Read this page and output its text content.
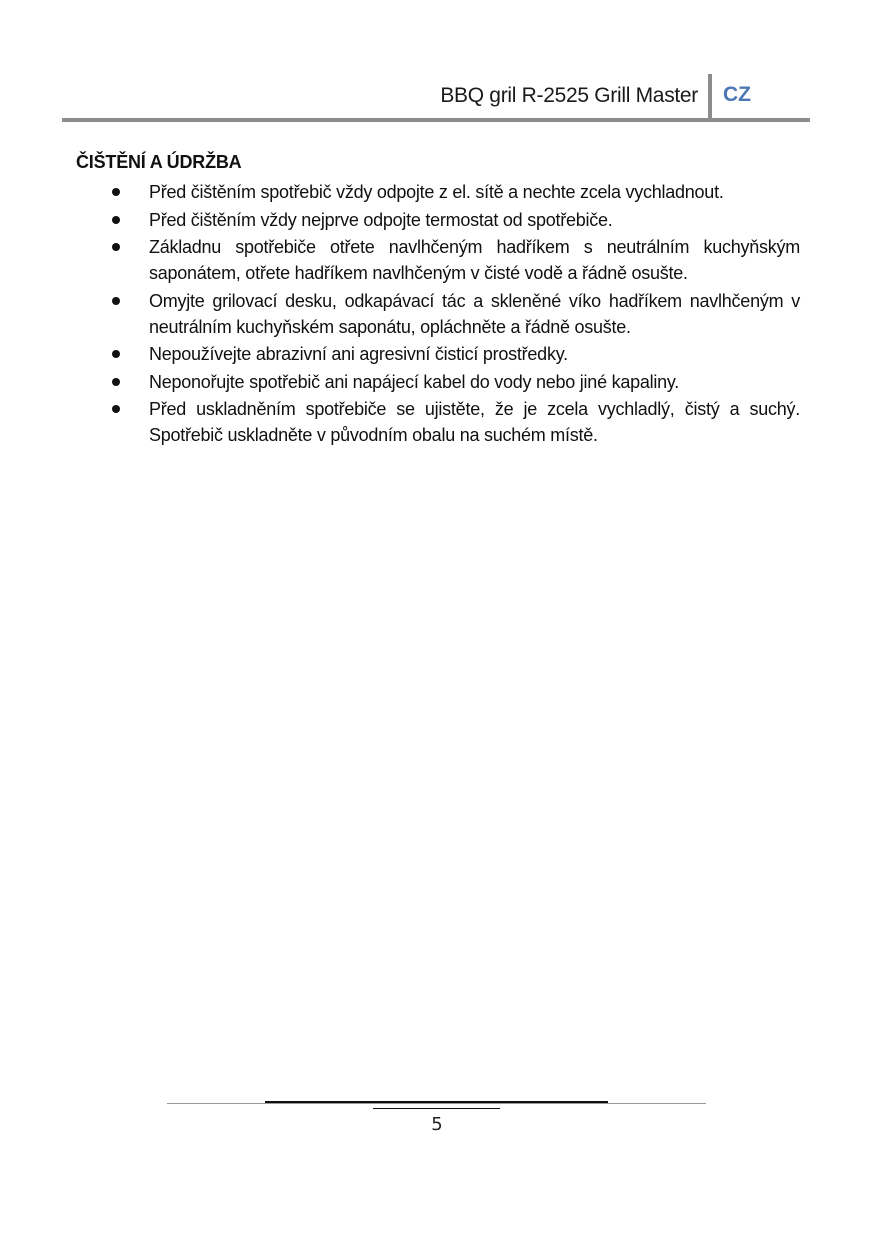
BBQ gril R-2525 Grill Master CZ
ČIŠTĚNÍ A ÚDRŽBA
Před čištěním spotřebič vždy odpojte z el. sítě a nechte zcela vychladnout.
Před čištěním vždy nejprve odpojte termostat od spotřebiče.
Základnu spotřebiče otřete navlhčeným hadříkem s neutrálním kuchyňským saponátem, otřete hadříkem navlhčeným v čisté vodě a řádně osušte.
Omyjte grilovací desku, odkapávací tác a skleněné víko hadříkem navlhčeným v neutrálním kuchyňském saponátu, opláchněte a řádně osušte.
Nepoužívejte abrazivní ani agresivní čisticí prostředky.
Neponořujte spotřebič ani napájecí kabel do vody nebo jiné kapaliny.
Před uskladněním spotřebiče se ujistěte, že je zcela vychladlý, čistý a suchý. Spotřebič uskladněte v původním obalu na suchém místě.
5
